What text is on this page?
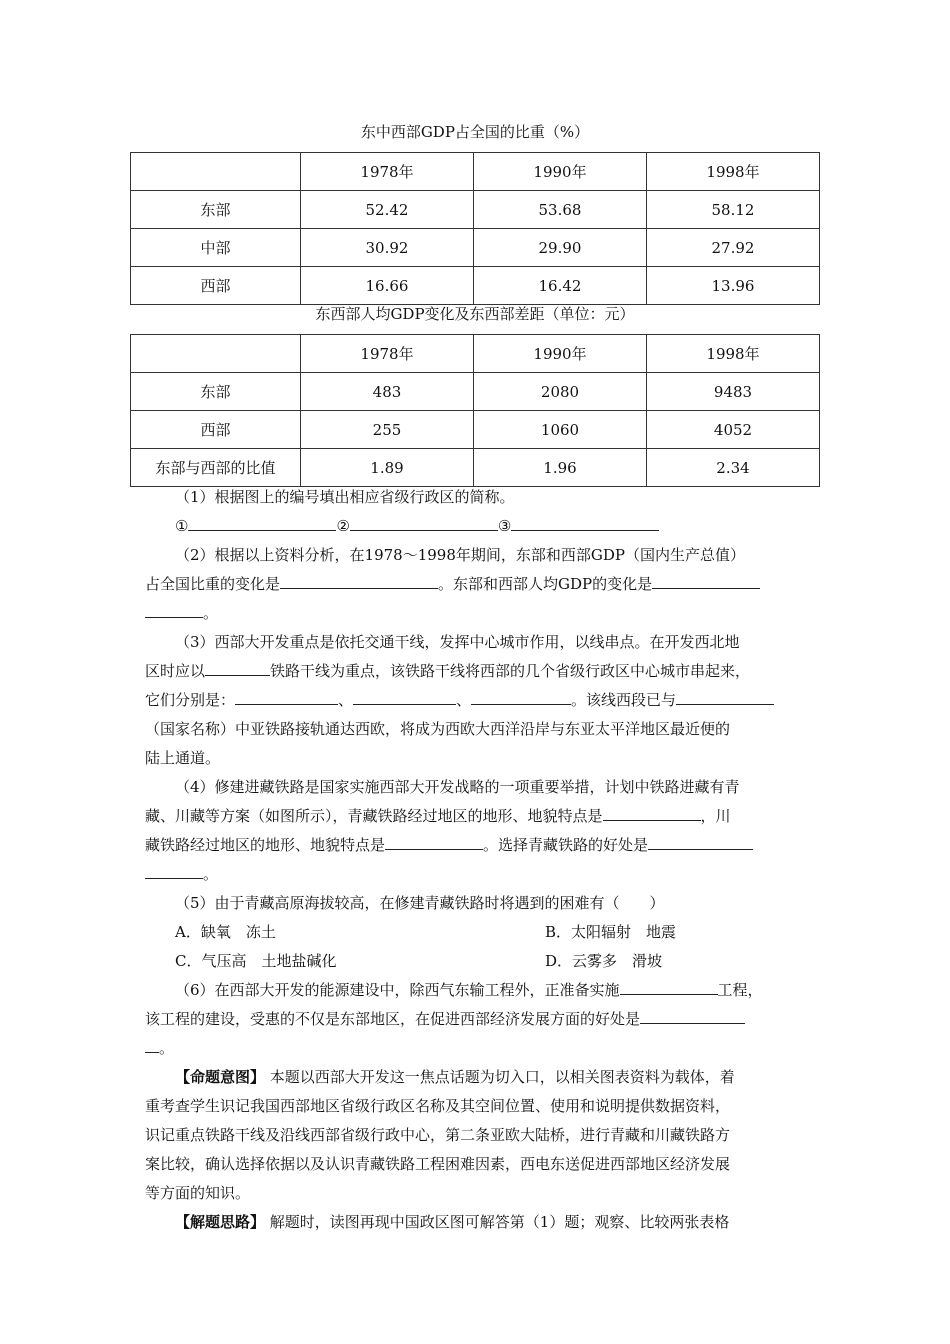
东中西部GDP占全国的比重（%）
	1978年	1990年	1998年
东部	52.42	53.68	58.12
中部	30.92	29.90	27.92
西部	16.66	16.42	13.96
东西部人均GDP变化及东西部差距（单位：元）
	1978年	1990年	1998年
东部	483	2080	9483
西部	255	1060	4052
东部与西部的比值	1.89	1.96	2.34

（1）根据图上的编号填出相应省级行政区的简称。

①	②	③

（2）根据以上资料分析，在1978～1998年期间，东部和西部GDP（国内生产总值）

占全国比重的变化是	。东部和西部人均GDP的变化是

。

（3）西部大开发重点是依托交通干线，发挥中心城市作用，以线串点。在开发西北地

区时应以	铁路干线为重点，该铁路干线将西部的几个省级行政区中心城市串起来，

它们分别是：	、	、	。该线西段已与

（国家名称）中亚铁路接轨通达西欧，将成为西欧大西洋沿岸与东亚太平洋地区最近便的

陆上通道。

（4）修建进藏铁路是国家实施西部大开发战略的一项重要举措，计划中铁路进藏有青

藏、川藏等方案（如图所示），青藏铁路经过地区的地形、地貌特点是	，川

藏铁路经过地区的地形、地貌特点是	。选择青藏铁路的好处是

。

（5）由于青藏高原海拔较高，在修建青藏铁路时将遇到的困难有（　　）

A．缺氧　冻土	B．太阳辐射　地震

C．气压高　土地盐碱化	D．云雾多　滑坡

（6）在西部大开发的能源建设中，除西气东输工程外，正准备实施	工程，

该工程的建设，受惠的不仅是东部地区，在促进西部经济发展方面的好处是

。

【命题意图】 本题以西部大开发这一焦点话题为切入口，以相关图表资料为载体，着

重考查学生识记我国西部地区省级行政区名称及其空间位置、使用和说明提供数据资料，

识记重点铁路干线及沿线西部省级行政中心，第二条亚欧大陆桥，进行青藏和川藏铁路方

案比较，确认选择依据以及认识青藏铁路工程困难因素，西电东送促进西部地区经济发展

等方面的知识。

【解题思路】 解题时，读图再现中国政区图可解答第（1）题；观察、比较两张表格
